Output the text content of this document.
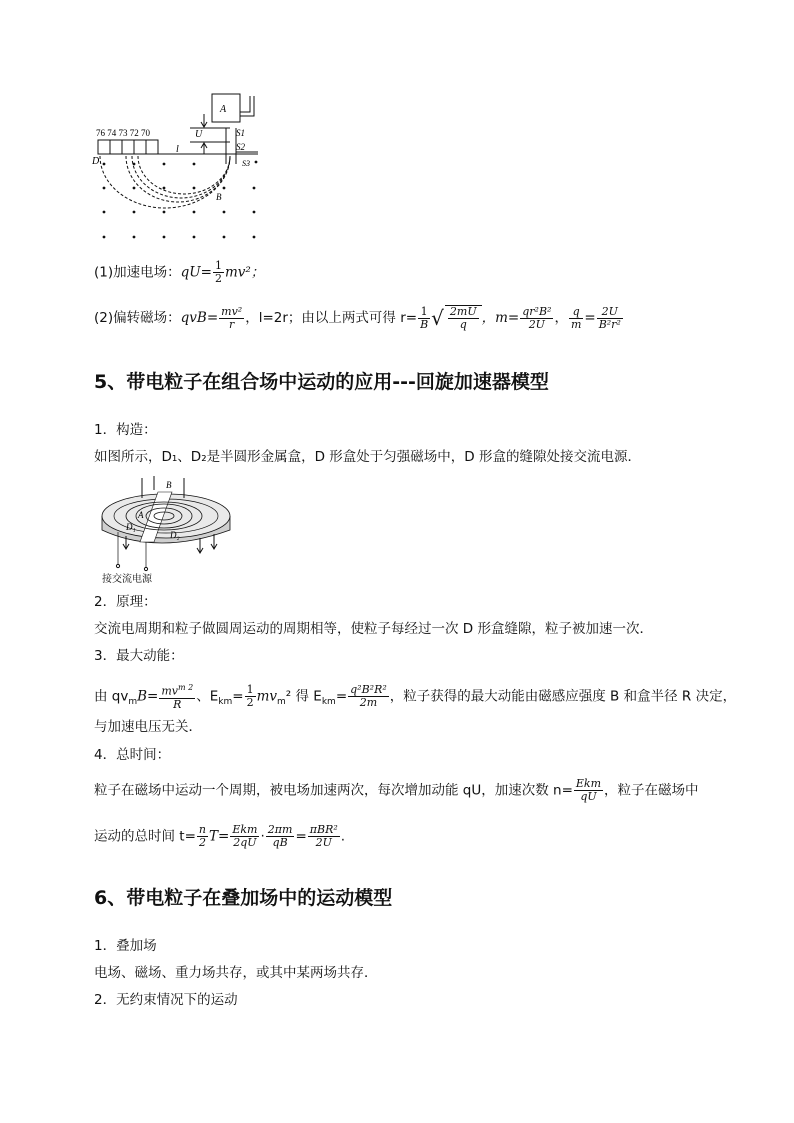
A
U	S1
S2
S3
76 74 73 72 70
l
D
B
(1)加速电场：$qU= \frac{1}{2} mv^2$；
(2)偏转磁场：$qvB= \frac{\text{mv²}}{r}$ ，l=2r；由以上两式可得 $r= \frac{1}{B}$ √ $\frac{2mU}{q}$ ，$m= \frac{\text{qr²B²}}{2U}$ ， $\frac{q}{m} = \frac{2U}{\text{B²r²}}$
5、带电粒子在组合场中运动的应用---回旋加速器模型
1．构造：
如图所示，D₁、D₂是半圆形金属盒，D 形盒处于匀强磁场中，D 形盒的缝隙处接交流电源．
B
A
D₁
D₂
接交流电源
2．原理：
交流电周期和粒子做圆周运动的周期相等，使粒子每经过一次 D 形盒缝隙，粒子被加速一次．
3．最大动能：
由 $qv_mB= \frac{mv^{m 2}}{R}$ 、$E_{km}= \frac{1}{2} mv_m^2$ 得 $E_{km}= \frac{\text{q²B²R²}}{2m}$ ，粒子获得的最大动能由磁感应强度 B 和盒半径 R 决定，
与加速电压无关．
4．总时间：
粒子在磁场中运动一个周期，被电场加速两次，每次增加动能 qU，加速次数 $n= \frac{\text{Ekm}}{qU}$ ，粒子在磁场中
运动的总时间 $t= \frac{n}{2} T= \frac{\text{Ekm}}{2qU} \cdot \frac{2\pi m}{qB} = \frac{\text{πBR²}}{2U}$ .
6、带电粒子在叠加场中的运动模型
1．叠加场
电场、磁场、重力场共存，或其中某两场共存．
2．无约束情况下的运动
